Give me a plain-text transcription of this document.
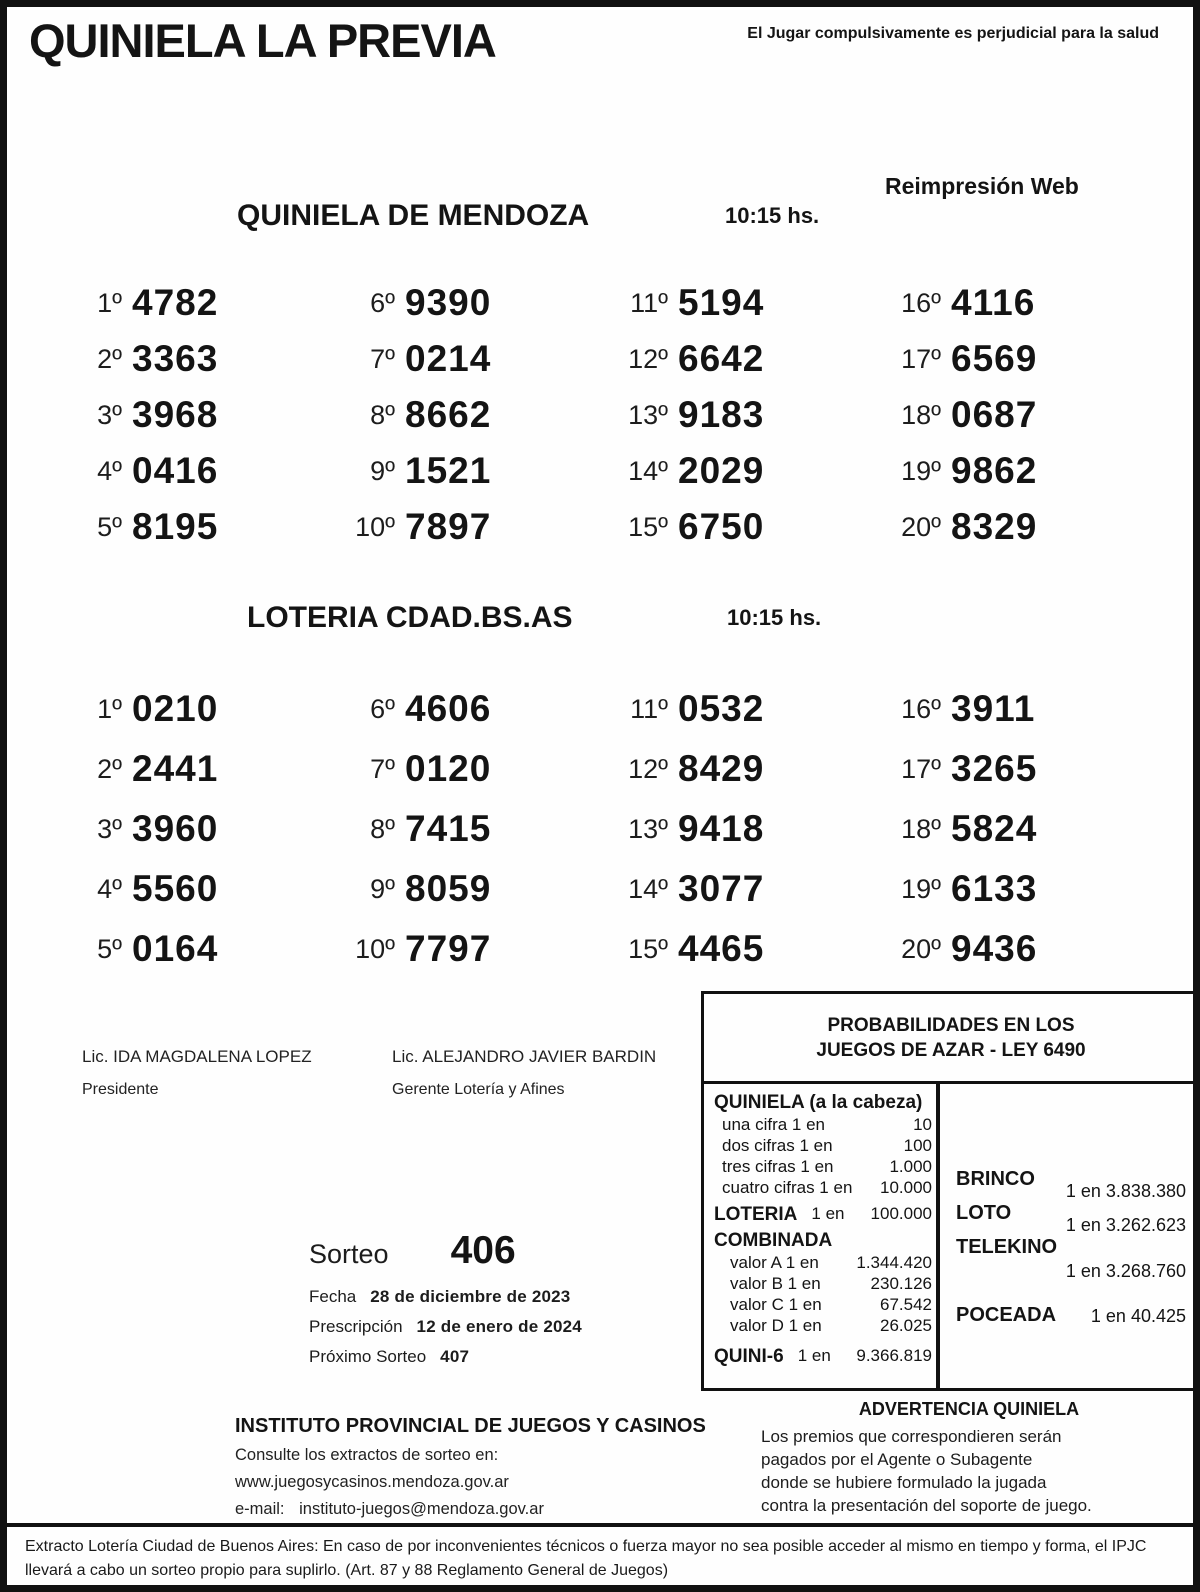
QUINIELA LA PREVIA	El Jugar compulsivamente es perjudicial para la salud
QUINIELA DE MENDOZA	10:15 hs.
Reimpresión Web
1º 4782
2º 3363
3º 3968
4º 0416
5º 8195
6º 9390
7º 0214
8º 8662
9º 1521
10º 7897
11º 5194
12º 6642
13º 9183
14º 2029
15º 6750
16º 4116
17º 6569
18º 0687
19º 9862
20º 8329
LOTERIA CDAD.BS.AS	10:15 hs.
1º 0210
2º 2441
3º 3960
4º 5560
5º 0164
6º 4606
7º 0120
8º 7415
9º 8059
10º 7797
11º 0532
12º 8429
13º 9418
14º 3077
15º 4465
16º 3911
17º 3265
18º 5824
19º 6133
20º 9436
Lic. IDA MAGDALENA LOPEZ
Presidente
Lic. ALEJANDRO JAVIER BARDIN
Gerente Lotería y Afines
Sorteo 406
Fecha 28 de diciembre de 2023
Prescripción 12 de enero de 2024
Próximo Sorteo 407
PROBABILIDADES EN LOS
JUEGOS DE AZAR - LEY 6490
QUINIELA (a la cabeza)
una cifra 1 en	10
dos cifras 1 en	100
tres cifras 1 en	1.000
cuatro cifras 1 en 10.000
LOTERIA 1 en	100.000
COMBINADA
valor A 1 en 1.344.420
valor B 1 en	230.126
valor C 1 en	67.542
valor D 1 en	26.025
QUINI-6 1 en	9.366.819
BRINCO
1 en 3.838.380
LOTO
1 en 3.262.623
TELEKINO
1 en 3.268.760
POCEADA 1 en 40.425
INSTITUTO PROVINCIAL DE JUEGOS Y CASINOS
Consulte los extractos de sorteo en:
www.juegosycasinos.mendoza.gov.ar
e-mail: instituto-juegos@mendoza.gov.ar
ADVERTENCIA QUINIELA
Los premios que correspondieren serán
pagados por el Agente o Subagente
donde se hubiere formulado la jugada
contra la presentación del soporte de juego.
Extracto Lotería Ciudad de Buenos Aires: En caso de por inconvenientes técnicos o fuerza mayor no sea posible acceder al mismo en tiempo y forma, el IPJC llevará a cabo un sorteo propio para suplirlo. (Art. 87 y 88 Reglamento General de Juegos)
